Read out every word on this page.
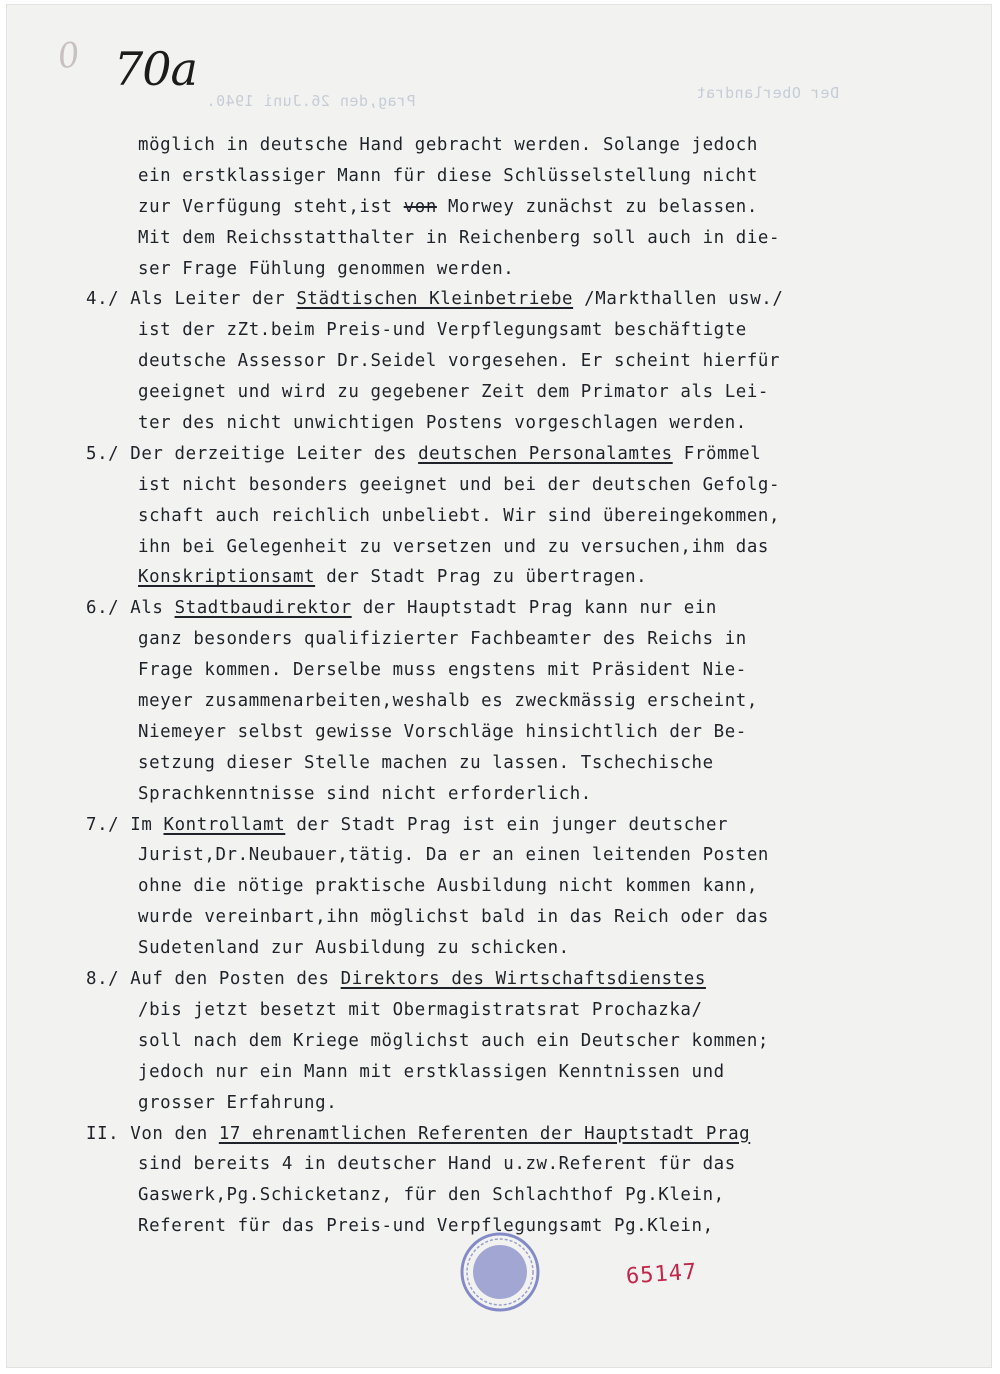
0 70a
Prag,den 26.Juni 1940.	Der Oberlandrat
möglich in deutsche Hand gebracht werden. Solange jedoch
ein erstklassiger Mann für diese Schlüsselstellung nicht
zur Verfügung steht,ist von Morwey zunächst zu belassen.
Mit dem Reichsstatthalter in Reichenberg soll auch in die-
ser Frage Fühlung genommen werden.
4./ Als Leiter der Städtischen Kleinbetriebe /Markthallen usw./
ist der zZt.beim Preis-und Verpflegungsamt beschäftigte
deutsche Assessor Dr.Seidel vorgesehen. Er scheint hierfür
geeignet und wird zu gegebener Zeit dem Primator als Lei-
ter des nicht unwichtigen Postens vorgeschlagen werden.
5./ Der derzeitige Leiter des deutschen Personalamtes Frömmel
ist nicht besonders geeignet und bei der deutschen Gefolg-
schaft auch reichlich unbeliebt. Wir sind übereingekommen,
ihn bei Gelegenheit zu versetzen und zu versuchen,ihm das
Konskriptionsamt der Stadt Prag zu übertragen.
6./ Als Stadtbaudirektor der Hauptstadt Prag kann nur ein
ganz besonders qualifizierter Fachbeamter des Reichs in
Frage kommen. Derselbe muss engstens mit Präsident Nie-
meyer zusammenarbeiten,weshalb es zweckmässig erscheint,
Niemeyer selbst gewisse Vorschläge hinsichtlich der Be-
setzung dieser Stelle machen zu lassen. Tschechische
Sprachkenntnisse sind nicht erforderlich.
7./ Im Kontrollamt der Stadt Prag ist ein junger deutscher
Jurist,Dr.Neubauer,tätig. Da er an einen leitenden Posten
ohne die nötige praktische Ausbildung nicht kommen kann,
wurde vereinbart,ihn möglichst bald in das Reich oder das
Sudetenland zur Ausbildung zu schicken.
8./ Auf den Posten des Direktors des Wirtschaftsdienstes
/bis jetzt besetzt mit Obermagistratsrat Prochazka/
soll nach dem Kriege möglichst auch ein Deutscher kommen;
jedoch nur ein Mann mit erstklassigen Kenntnissen und
grosser Erfahrung.
II. Von den 17 ehrenamtlichen Referenten der Hauptstadt Prag
sind bereits 4 in deutscher Hand u.zw.Referent für das
Gaswerk,Pg.Schicketanz, für den Schlachthof Pg.Klein,
Referent für das Preis-und Verpflegungsamt Pg.Klein,
65147
